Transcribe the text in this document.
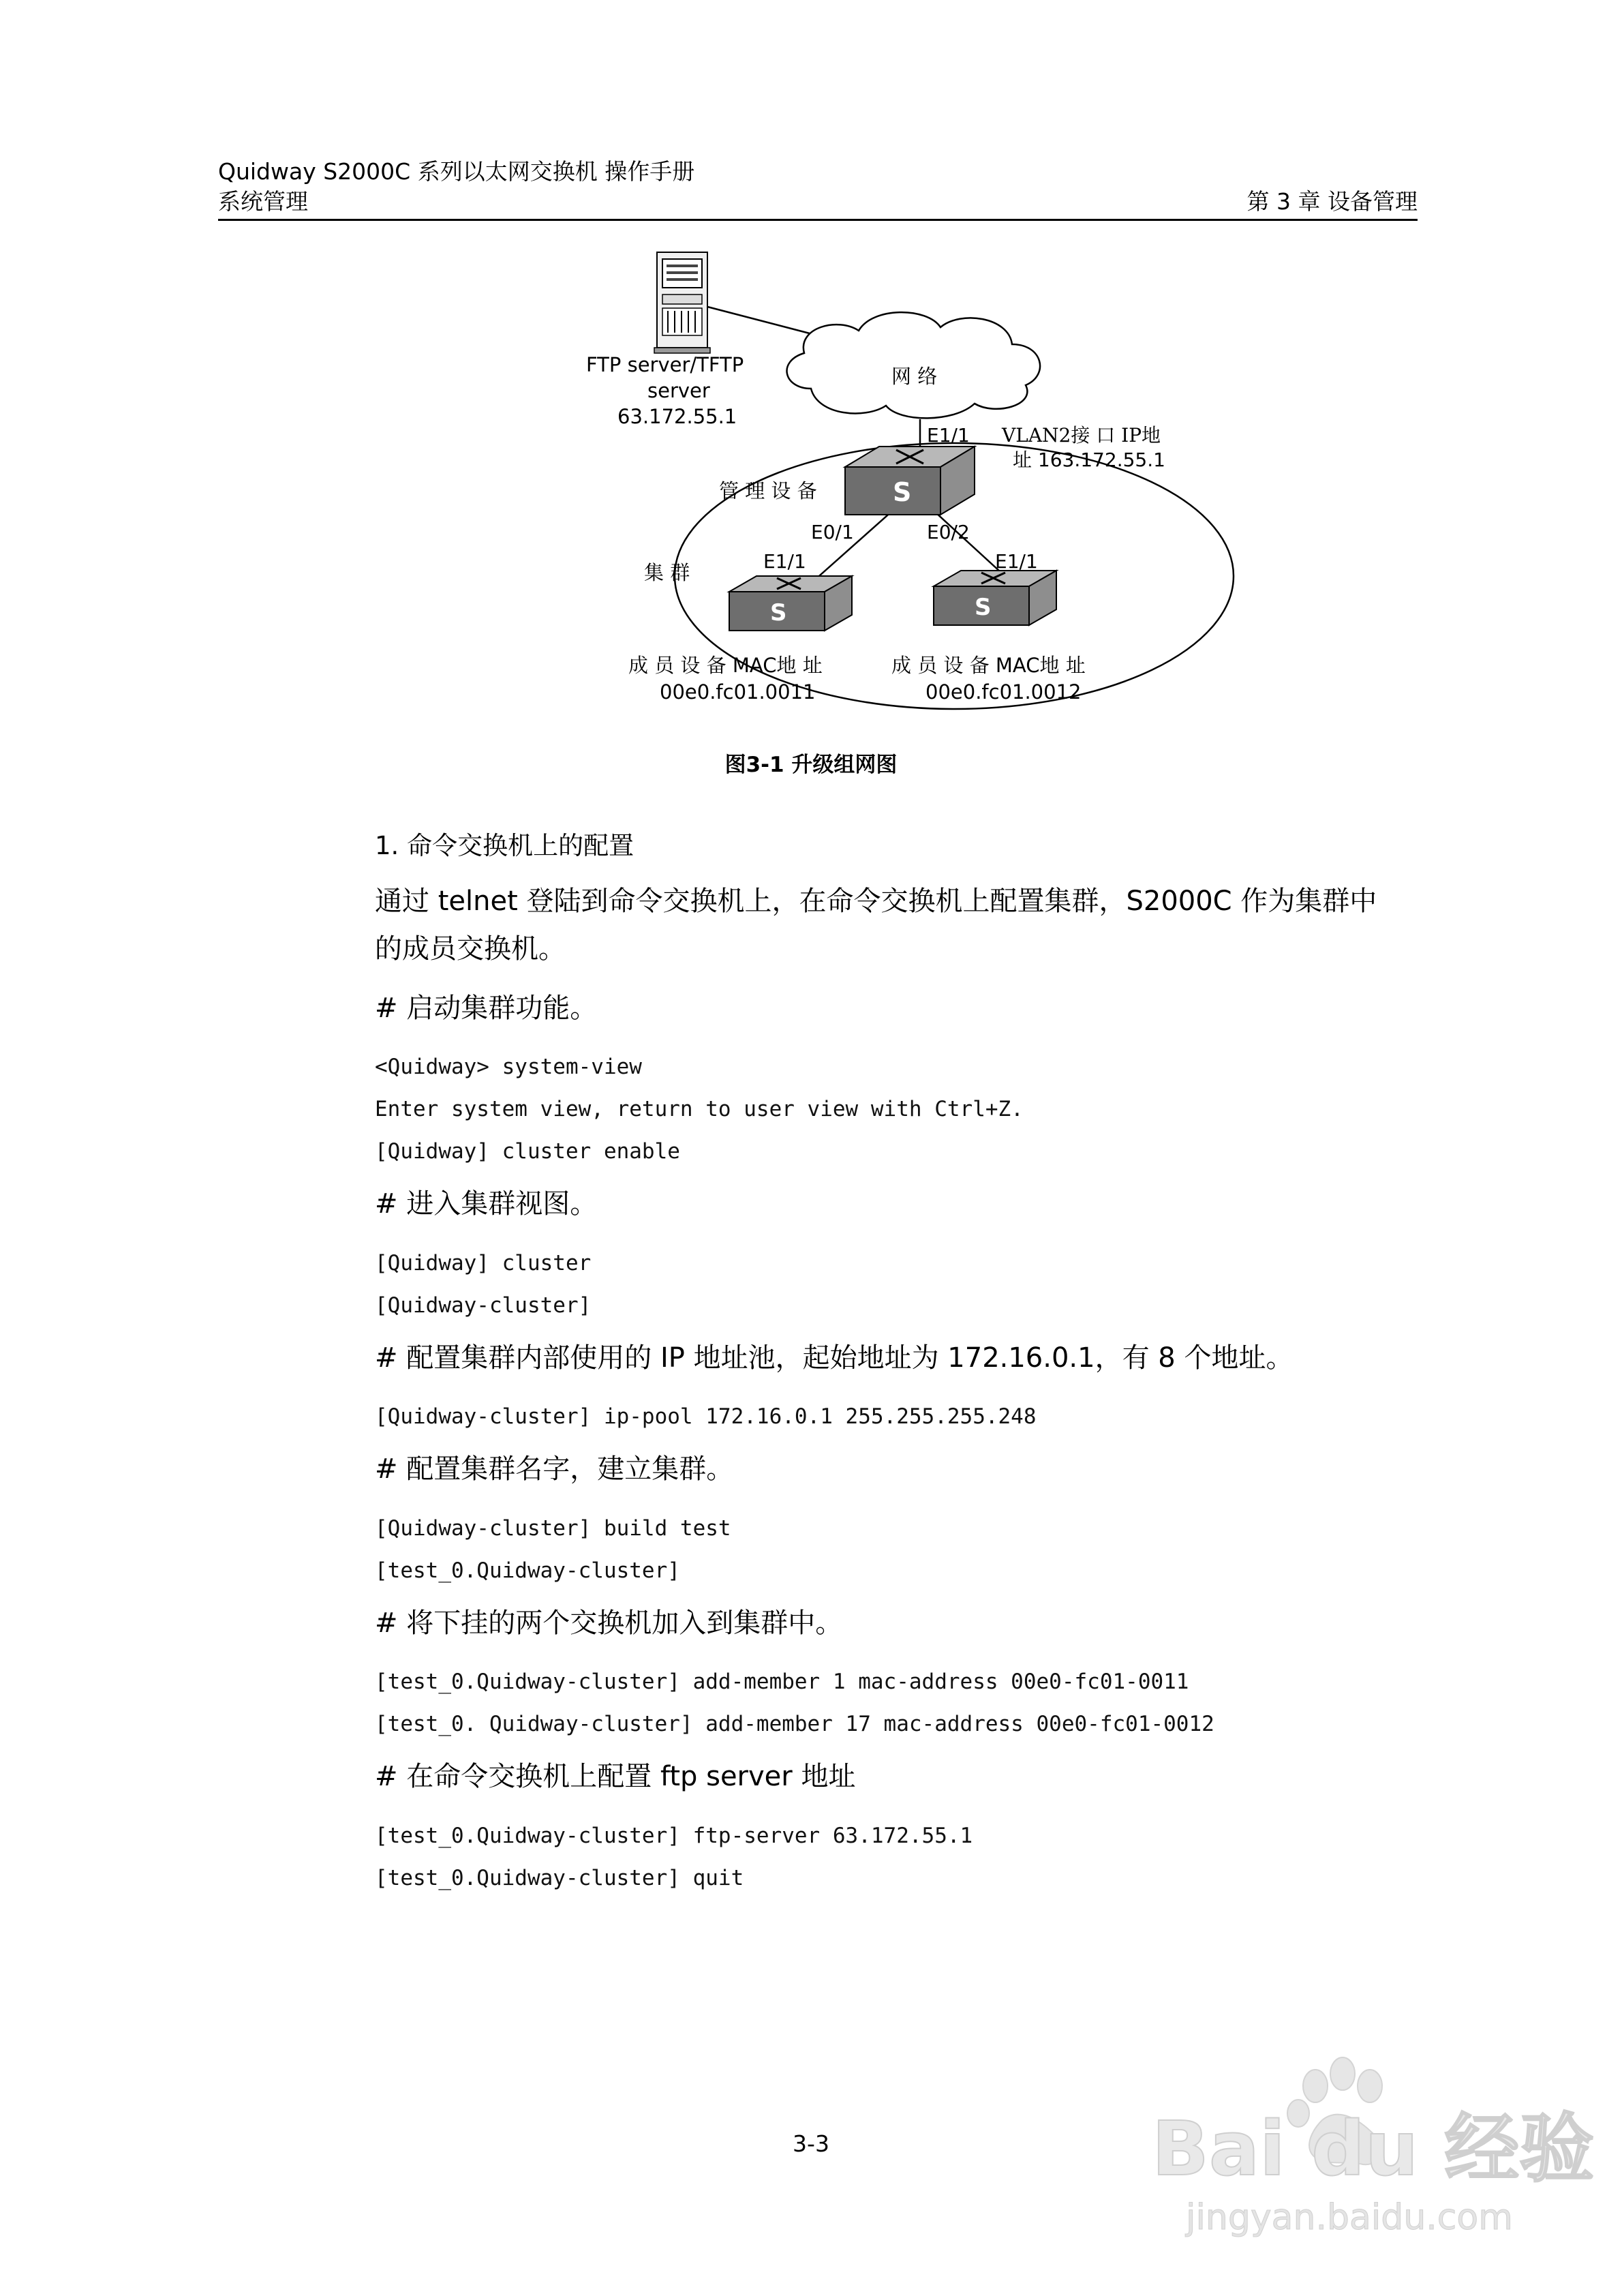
Quidway S2000C 系列以太网交换机 操作手册
系统管理	第 3 章 设备管理
S
S	S
FTP server/TFTP
server
63.172.55.1
网 络
E1/1 VLAN2接 口 IP地
址 163.172.55.1
管 理 设 备
E0/1	E0/2
集 群	E1/1	E1/1
成 员 设 备 MAC地 址
00e0.fc01.0011
成 员 设 备 MAC地 址
00e0.fc01.0012
图3-1 升级组网图
1. 命令交换机上的配置
通过 telnet 登陆到命令交换机上，在命令交换机上配置集群，S2000C 作为集群中
的成员交换机。
# 启动集群功能。
<Quidway> system-view
Enter system view, return to user view with Ctrl+Z.
[Quidway] cluster enable
# 进入集群视图。
[Quidway] cluster
[Quidway-cluster]
# 配置集群内部使用的 IP 地址池，起始地址为 172.16.0.1，有 8 个地址。
[Quidway-cluster] ip-pool 172.16.0.1 255.255.255.248
# 配置集群名字，建立集群。
[Quidway-cluster] build test
[test_0.Quidway-cluster]
# 将下挂的两个交换机加入到集群中。
[test_0.Quidway-cluster] add-member 1 mac-address 00e0-fc01-0011
[test_0. Quidway-cluster] add-member 17 mac-address 00e0-fc01-0012
# 在命令交换机上配置 ftp server 地址
[test_0.Quidway-cluster] ftp-server 63.172.55.1
[test_0.Quidway-cluster] quit
3-3	Bai du 经验
jingyan.baidu.com
